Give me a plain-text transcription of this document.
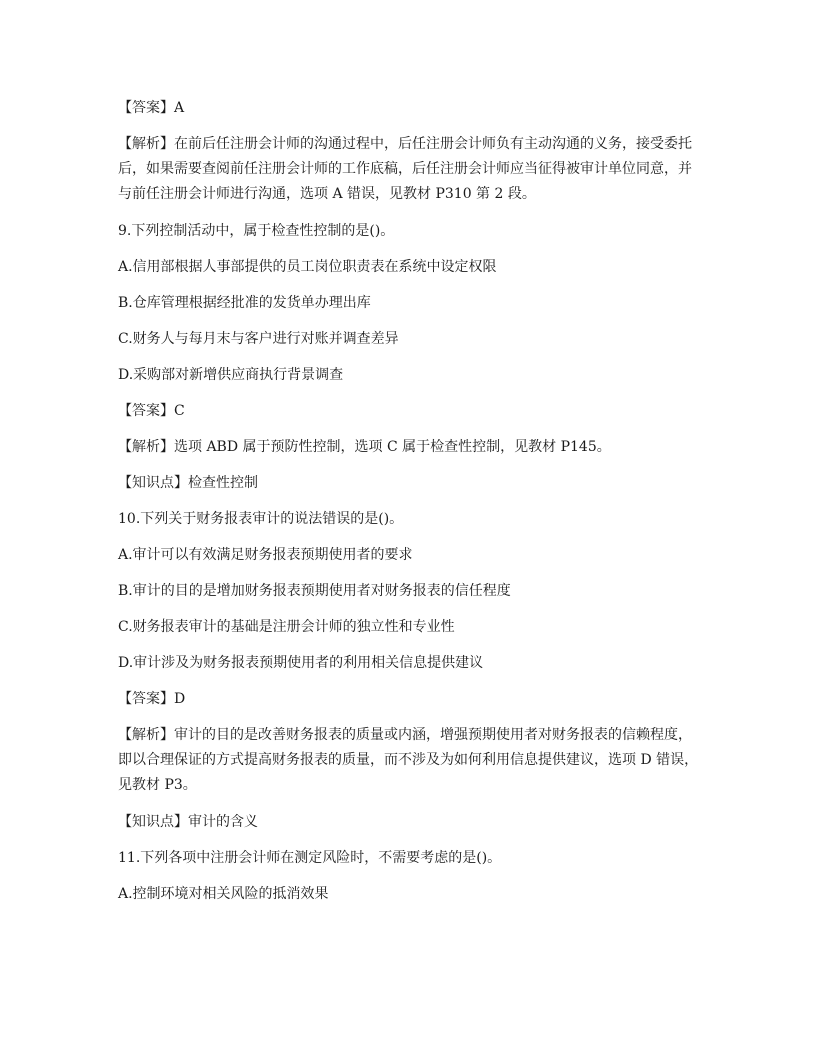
【答案】A
【解析】在前后任注册会计师的沟通过程中，后任注册会计师负有主动沟通的义务，接受委托
后，如果需要查阅前任注册会计师的工作底稿，后任注册会计师应当征得被审计单位同意，并
与前任注册会计师进行沟通，选项 A 错误，见教材 P310 第 2 段。
9.下列控制活动中，属于检查性控制的是()。
A.信用部根据人事部提供的员工岗位职责表在系统中设定权限
B.仓库管理根据经批准的发货单办理出库
C.财务人与每月末与客户进行对账并调查差异
D.采购部对新增供应商执行背景调查
【答案】C
【解析】选项 ABD 属于预防性控制，选项 C 属于检查性控制，见教材 P145。
【知识点】检查性控制
10.下列关于财务报表审计的说法错误的是()。
A.审计可以有效满足财务报表预期使用者的要求
B.审计的目的是增加财务报表预期使用者对财务报表的信任程度
C.财务报表审计的基础是注册会计师的独立性和专业性
D.审计涉及为财务报表预期使用者的利用相关信息提供建议
【答案】D
【解析】审计的目的是改善财务报表的质量或内涵，增强预期使用者对财务报表的信赖程度，
即以合理保证的方式提高财务报表的质量，而不涉及为如何利用信息提供建议，选项 D 错误，
见教材 P3。
【知识点】审计的含义
11.下列各项中注册会计师在测定风险时，不需要考虑的是()。
A.控制环境对相关风险的抵消效果
